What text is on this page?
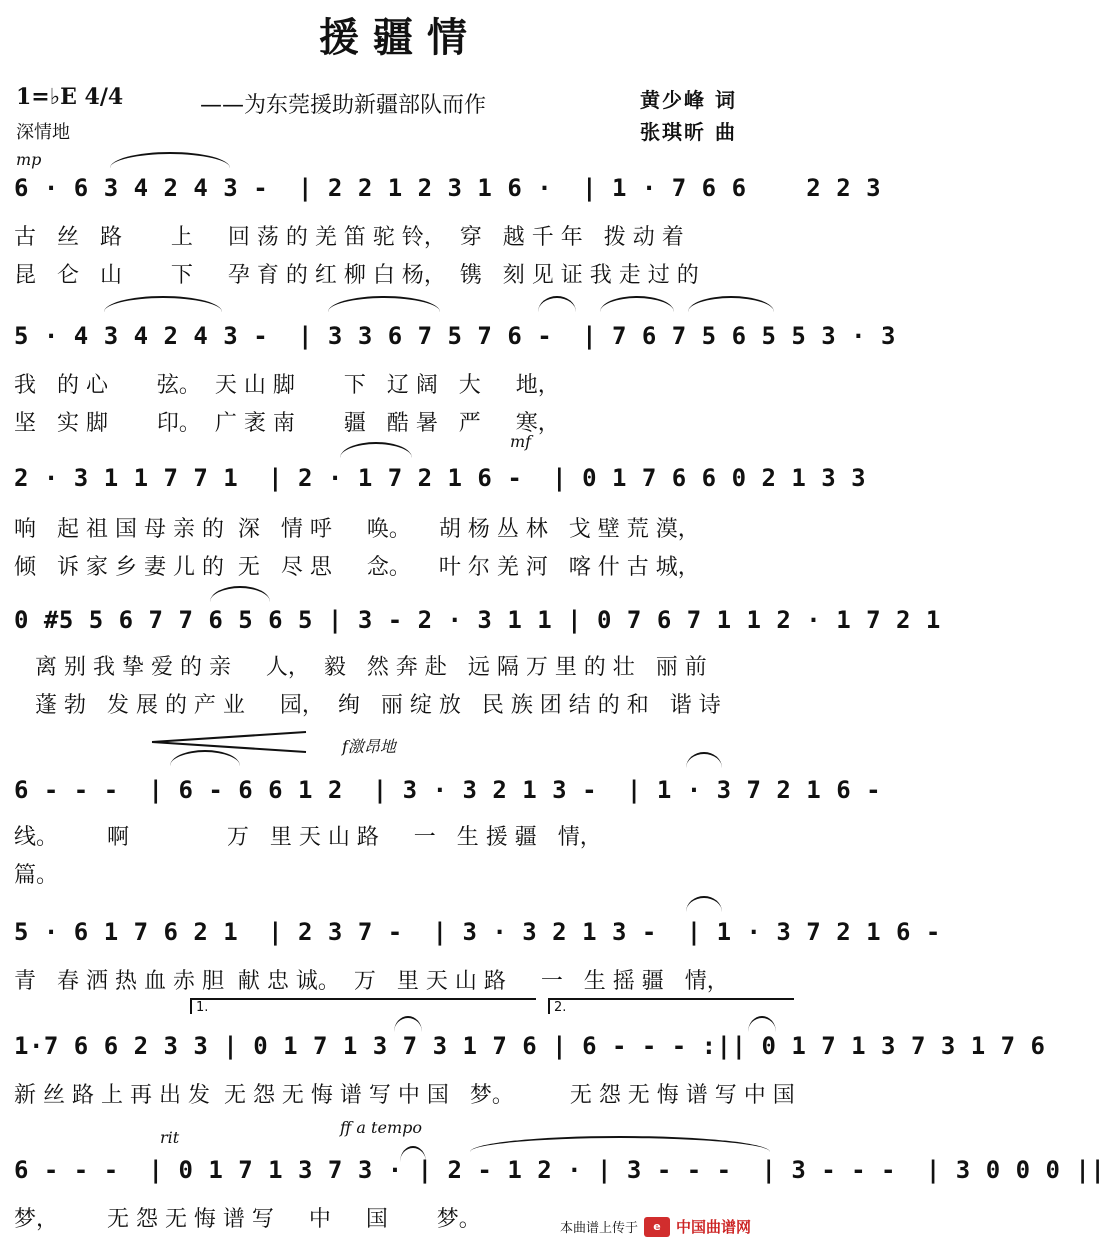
援疆情
1=♭E 4/4
深情地
——为东莞援助新疆部队而作	黄少峰 词
张琪昕 曲
mp
6 · 6 3 4 2 4 3 -  | 2 2 1 2 3 1 6 ·  | 1 · 7 6 6    2 2 3
古   丝   路       上     回 荡 的 羌 笛 驼 铃，  穿   越 千 年   拨 动 着
昆   仑   山       下     孕 育 的 红 柳 白 杨，  镌   刻 见 证 我 走 过 的
5 · 4 3 4 2 4 3 -  | 3 3 6 7 5 7 6 -  | 7 6 7 5 6 5 5 3 · 3
我   的 心       弦。  天 山 脚       下   辽 阔   大     地，
坚   实 脚       印。  广 袤 南       疆   酷 暑   严     寒，
mf
2 · 3 1 1 7 7 1  | 2 · 1 7 2 1 6 -  | 0 1 7 6 6 0 2 1 3 3
响   起 祖 国 母 亲 的  深   情 呼     唤。    胡 杨 丛 林   戈 壁 荒 漠，
倾   诉 家 乡 妻 儿 的  无   尽 思     念。    叶 尔 羌 河   喀 什 古 城，
0 #5 5 6 7 7 6 5 6 5 | 3 - 2 · 3 1 1 | 0 7 6 7 1 1 2 · 1 7 2 1
离 别 我 挚 爱 的 亲     人，  毅   然 奔 赴   远 隔 万 里 的 壮   丽 前
蓬 勃   发 展 的 产 业     园，  绚   丽 绽 放   民 族 团 结 的 和   谐 诗
f激昂地
6 - - -  | 6 - 6 6 1 2  | 3 · 3 2 1 3 -  | 1 · 3 7 2 1 6 -
线。       啊              万   里 天 山 路     一   生 援 疆   情，
篇。
5 · 6 1 7 6 2 1  | 2 3 7 -  | 3 · 3 2 1 3 -  | 1 · 3 7 2 1 6 -
青   春 洒 热 血 赤 胆  献 忠 诚。  万   里 天 山 路     一   生 摇 疆   情，
1.	2.
1·7 6 6 2 3 3 | 0 1 7 1 3 7 3 1 7 6 | 6 - - - :|| 0 1 7 1 3 7 3 1 7 6
新 丝 路 上 再 出 发  无 怨 无 悔 谱 写 中 国   梦。        无 怨 无 悔 谱 写 中 国
rit
ff a tempo
6 - - -  | 0 1 7 1 3 7 3 · | 2 - 1 2 · | 3 - - -  | 3 - - -  | 3 0 0 0 ||
梦，       无 怨 无 悔 谱 写     中     国       梦。	本曲谱上传于	e	中国曲谱网
